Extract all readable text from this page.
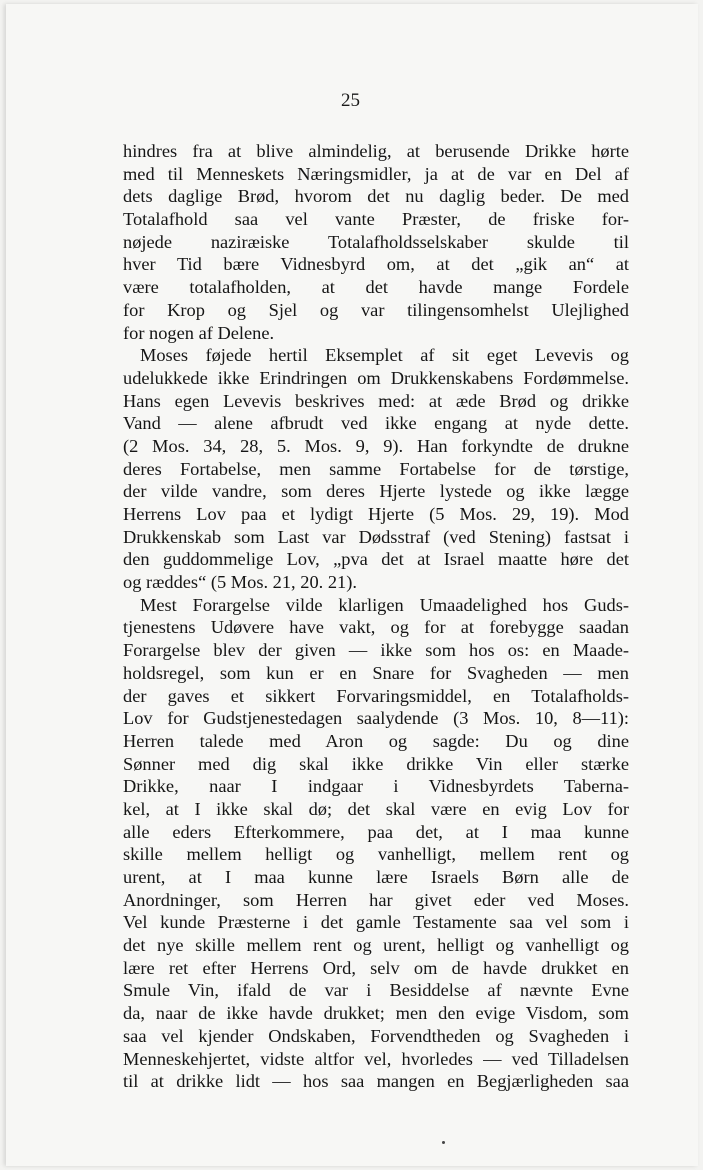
25
hindres fra at blive almindelig, at berusende Drikke hørte
med til Menneskets Næringsmidler, ja at de var en Del af
dets daglige Brød, hvorom det nu daglig beder. De med
Totalafhold saa vel vante Præster, de friske for-
nøjede naziræiske Totalafholdsselskaber skulde til
hver Tid bære Vidnesbyrd om, at det „gik an“ at
være totalafholden, at det havde mange Fordele
for Krop og Sjel og var tilingensomhelst Ulejlighed
for nogen af Delene.
Moses føjede hertil Eksemplet af sit eget Levevis og
udelukkede ikke Erindringen om Drukkenskabens Fordømmelse.
Hans egen Levevis beskrives med: at æde Brød og drikke
Vand — alene afbrudt ved ikke engang at nyde dette.
(2 Mos. 34, 28, 5. Mos. 9, 9). Han forkyndte de drukne
deres Fortabelse, men samme Fortabelse for de tørstige,
der vilde vandre, som deres Hjerte lystede og ikke lægge
Herrens Lov paa et lydigt Hjerte (5 Mos. 29, 19). Mod
Drukkenskab som Last var Dødsstraf (ved Stening) fastsat i
den guddommelige Lov, „pva det at Israel maatte høre det
og ræddes“ (5 Mos. 21, 20. 21).
Mest Forargelse vilde klarligen Umaadelighed hos Guds-
tjenestens Udøvere have vakt, og for at forebygge saadan
Forargelse blev der given — ikke som hos os: en Maade-
holdsregel, som kun er en Snare for Svagheden — men
der gaves et sikkert Forvaringsmiddel, en Totalafholds-
Lov for Gudstjenestedagen saalydende (3 Mos. 10, 8—11):
Herren talede med Aron og sagde: Du og dine
Sønner med dig skal ikke drikke Vin eller stærke
Drikke, naar I indgaar i Vidnesbyrdets Taberna-
kel, at I ikke skal dø; det skal være en evig Lov for
alle eders Efterkommere, paa det, at I maa kunne
skille mellem helligt og vanhelligt, mellem rent og
urent, at I maa kunne lære Israels Børn alle de
Anordninger, som Herren har givet eder ved Moses.
Vel kunde Præsterne i det gamle Testamente saa vel som i
det nye skille mellem rent og urent, helligt og vanhelligt og
lære ret efter Herrens Ord, selv om de havde drukket en
Smule Vin, ifald de var i Besiddelse af nævnte Evne
da, naar de ikke havde drukket; men den evige Visdom, som
saa vel kjender Ondskaben, Forvendtheden og Svagheden i
Menneskehjertet, vidste altfor vel, hvorledes — ved Tilladelsen
til at drikke lidt — hos saa mangen en Begjærligheden saa
